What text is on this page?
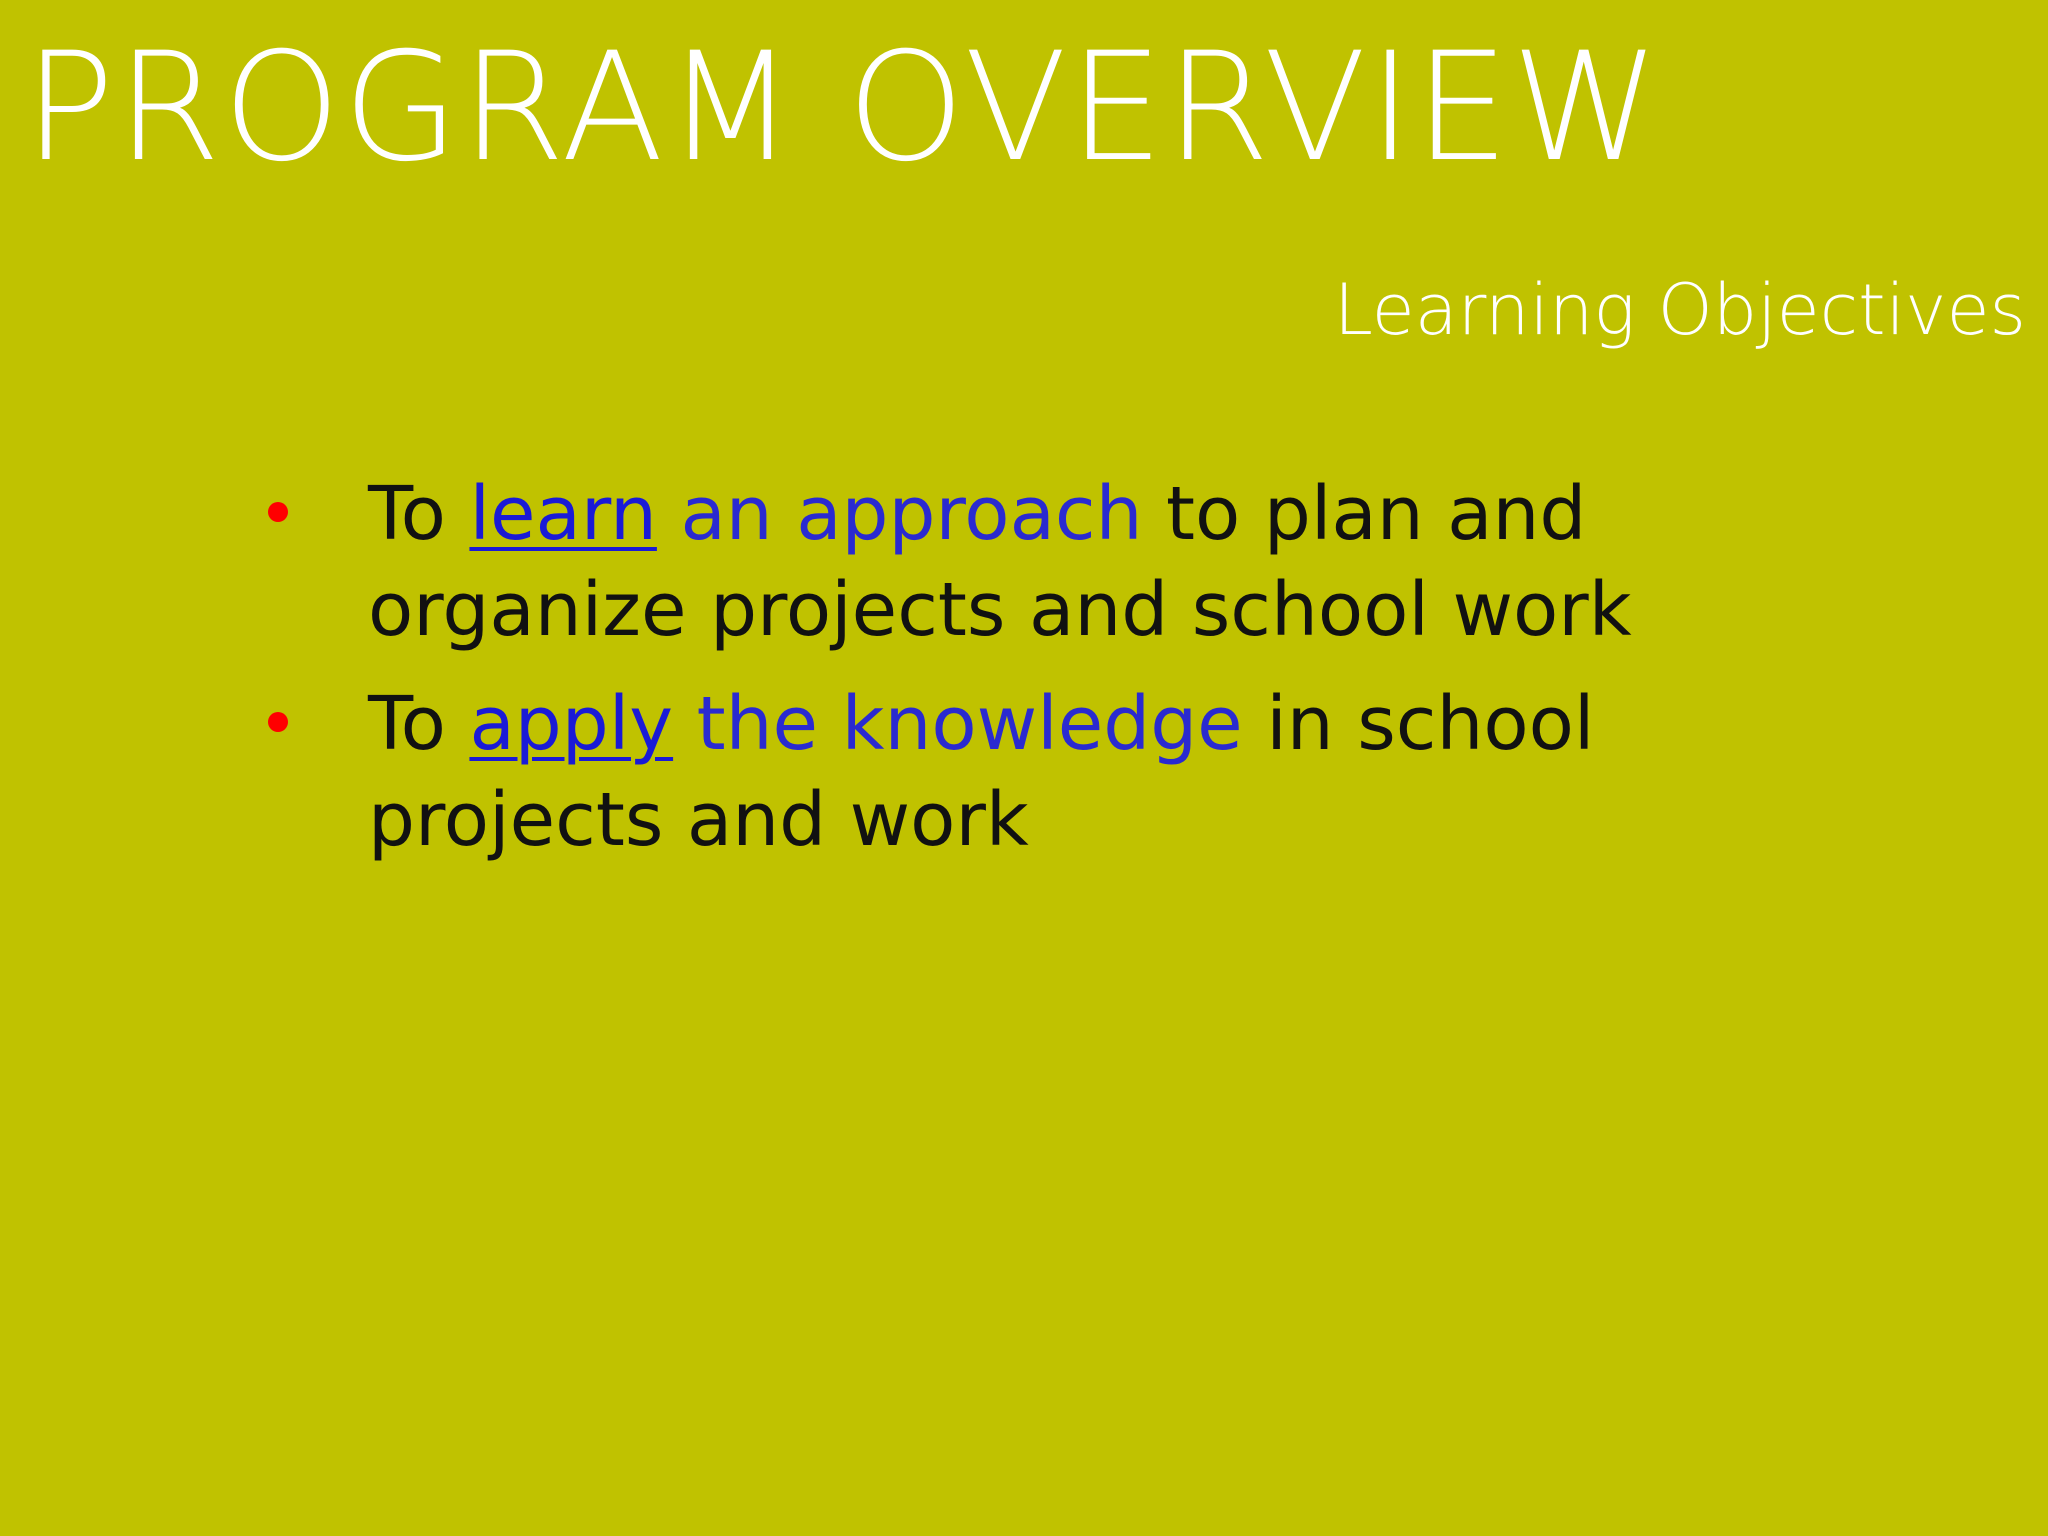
PROGRAM OVERVIEW
Learning Objectives
To learn an approach to plan and organize projects and school work
To apply the knowledge in school projects and work
